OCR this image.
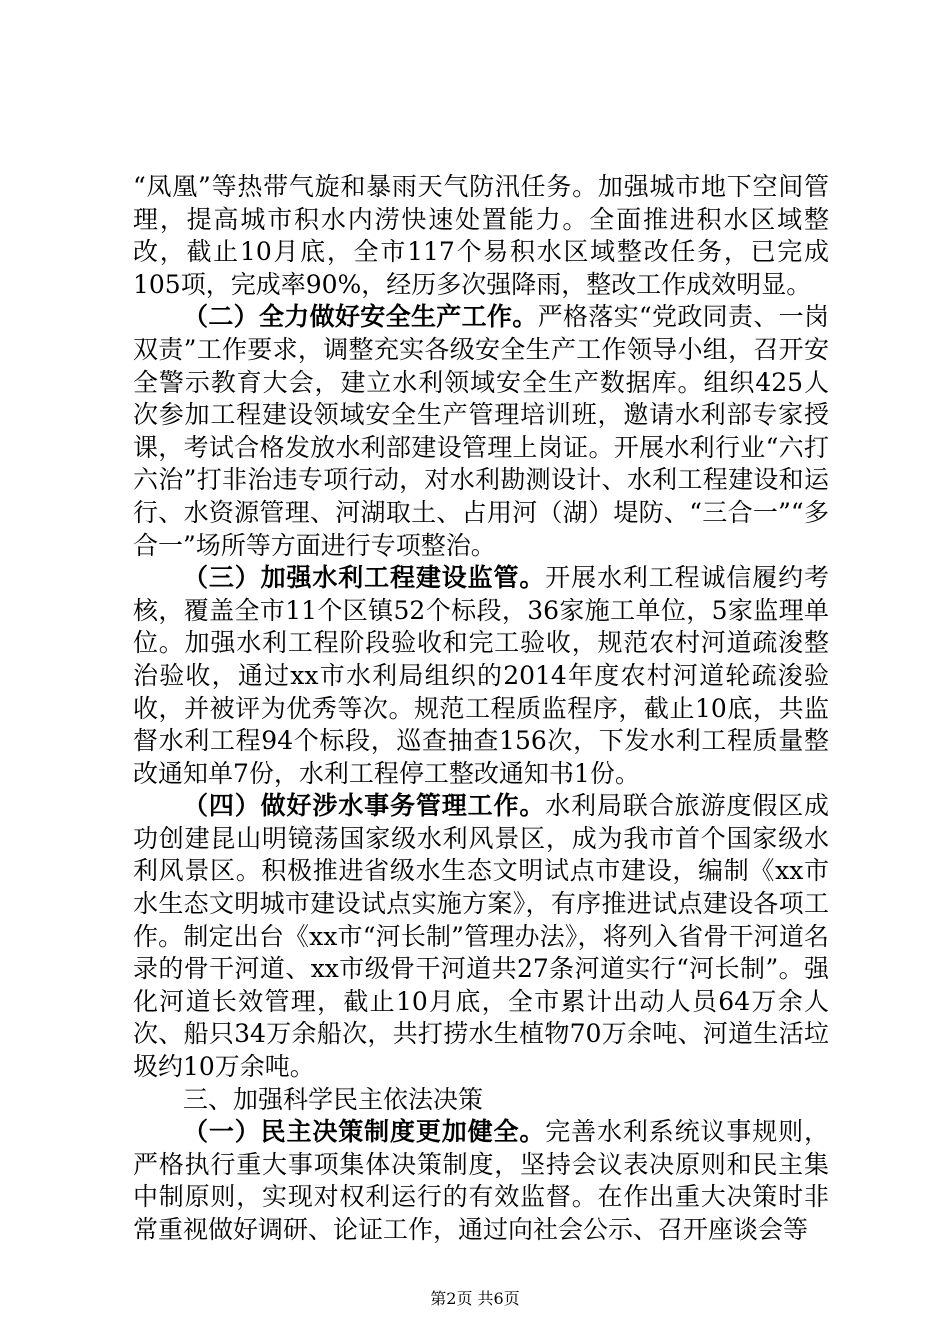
“凤凰”等热带气旋和暴雨天气防汛任务。加强城市地下空间管理，提高城市积水内涝快速处置能力。全面推进积水区域整改，截止10月底，全市117个易积水区域整改任务，已完成105项，完成率90%，经历多次强降雨，整改工作成效明显。

（二）全力做好安全生产工作。严格落实“党政同责、一岗双责”工作要求，调整充实各级安全生产工作领导小组，召开安全警示教育大会，建立水利领域安全生产数据库。组织425人次参加工程建设领域安全生产管理培训班，邀请水利部专家授课，考试合格发放水利部建设管理上岗证。开展水利行业“六打六治”打非治违专项行动，对水利勘测设计、水利工程建设和运行、水资源管理、河湖取土、占用河（湖）堤防、“三合一”“多合一”场所等方面进行专项整治。

（三）加强水利工程建设监管。开展水利工程诚信履约考核，覆盖全市11个区镇52个标段，36家施工单位，5家监理单位。加强水利工程阶段验收和完工验收，规范农村河道疏浚整治验收，通过xx市水利局组织的2014年度农村河道轮疏浚验收，并被评为优秀等次。规范工程质监程序，截止10底，共监督水利工程94个标段，巡查抽查156次，下发水利工程质量整改通知单7份，水利工程停工整改通知书1份。

（四）做好涉水事务管理工作。水利局联合旅游度假区成功创建昆山明镜荡国家级水利风景区，成为我市首个国家级水利风景区。积极推进省级水生态文明试点市建设，编制《xx市水生态文明城市建设试点实施方案》，有序推进试点建设各项工作。制定出台《xx市“河长制”管理办法》，将列入省骨干河道名录的骨干河道、xx市级骨干河道共27条河道实行“河长制”。强化河道长效管理，截止10月底，全市累计出动人员64万余人次、船只34万余船次，共打捞水生植物70万余吨、河道生活垃圾约10万余吨。

三、加强科学民主依法决策

（一）民主决策制度更加健全。完善水利系统议事规则，严格执行重大事项集体决策制度，坚持会议表决原则和民主集中制原则，实现对权利运行的有效监督。在作出重大决策时非常重视做好调研、论证工作，通过向社会公示、召开座谈会等

第2页 共6页
